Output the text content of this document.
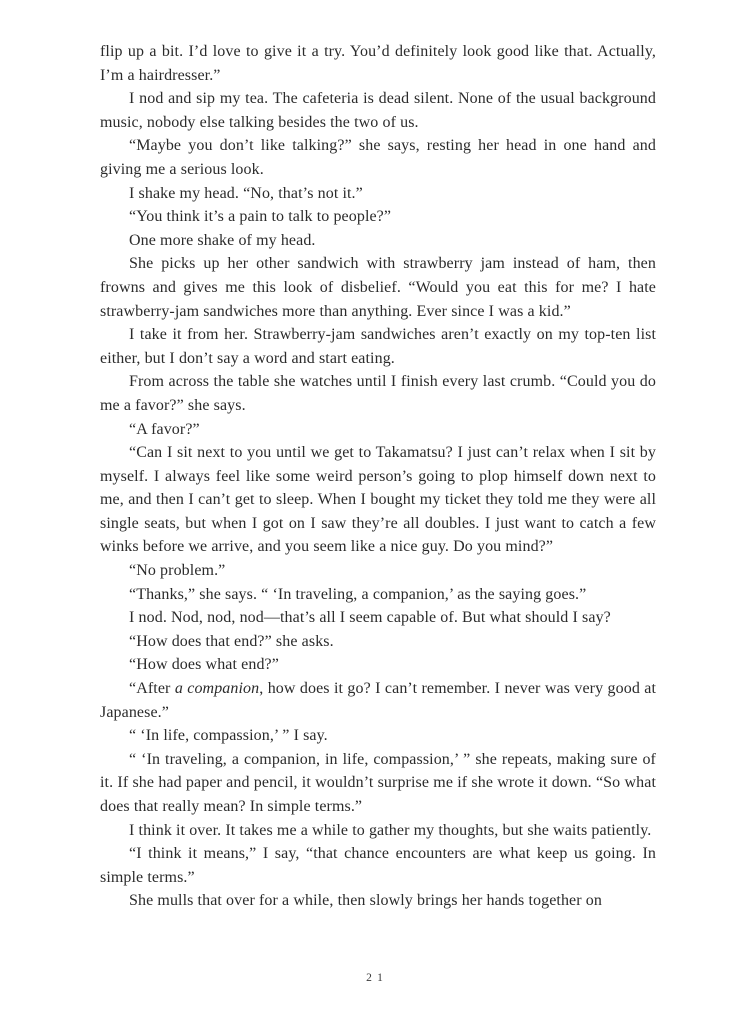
flip up a bit. I’d love to give it a try. You’d definitely look good like that. Actually, I’m a hairdresser.”

I nod and sip my tea. The cafeteria is dead silent. None of the usual background music, nobody else talking besides the two of us.

“Maybe you don’t like talking?” she says, resting her head in one hand and giving me a serious look.

I shake my head. “No, that’s not it.”

“You think it’s a pain to talk to people?”

One more shake of my head.

She picks up her other sandwich with strawberry jam instead of ham, then frowns and gives me this look of disbelief. “Would you eat this for me? I hate strawberry-jam sandwiches more than anything. Ever since I was a kid.”

I take it from her. Strawberry-jam sandwiches aren’t exactly on my top-ten list either, but I don’t say a word and start eating.

From across the table she watches until I finish every last crumb. “Could you do me a favor?” she says.

“A favor?”

“Can I sit next to you until we get to Takamatsu? I just can’t relax when I sit by myself. I always feel like some weird person’s going to plop himself down next to me, and then I can’t get to sleep. When I bought my ticket they told me they were all single seats, but when I got on I saw they’re all doubles. I just want to catch a few winks before we arrive, and you seem like a nice guy. Do you mind?”

“No problem.”

“Thanks,” she says. “ ‘In traveling, a companion,’ as the saying goes.”

I nod. Nod, nod, nod—that’s all I seem capable of. But what should I say?

“How does that end?” she asks.

“How does what end?”

“After a companion, how does it go? I can’t remember. I never was very good at Japanese.”

“ ‘In life, compassion,’ ” I say.

“ ‘In traveling, a companion, in life, compassion,’ ” she repeats, making sure of it. If she had paper and pencil, it wouldn’t surprise me if she wrote it down. “So what does that really mean? In simple terms.”

I think it over. It takes me a while to gather my thoughts, but she waits patiently.

“I think it means,” I say, “that chance encounters are what keep us going. In simple terms.”

She mulls that over for a while, then slowly brings her hands together on

21
